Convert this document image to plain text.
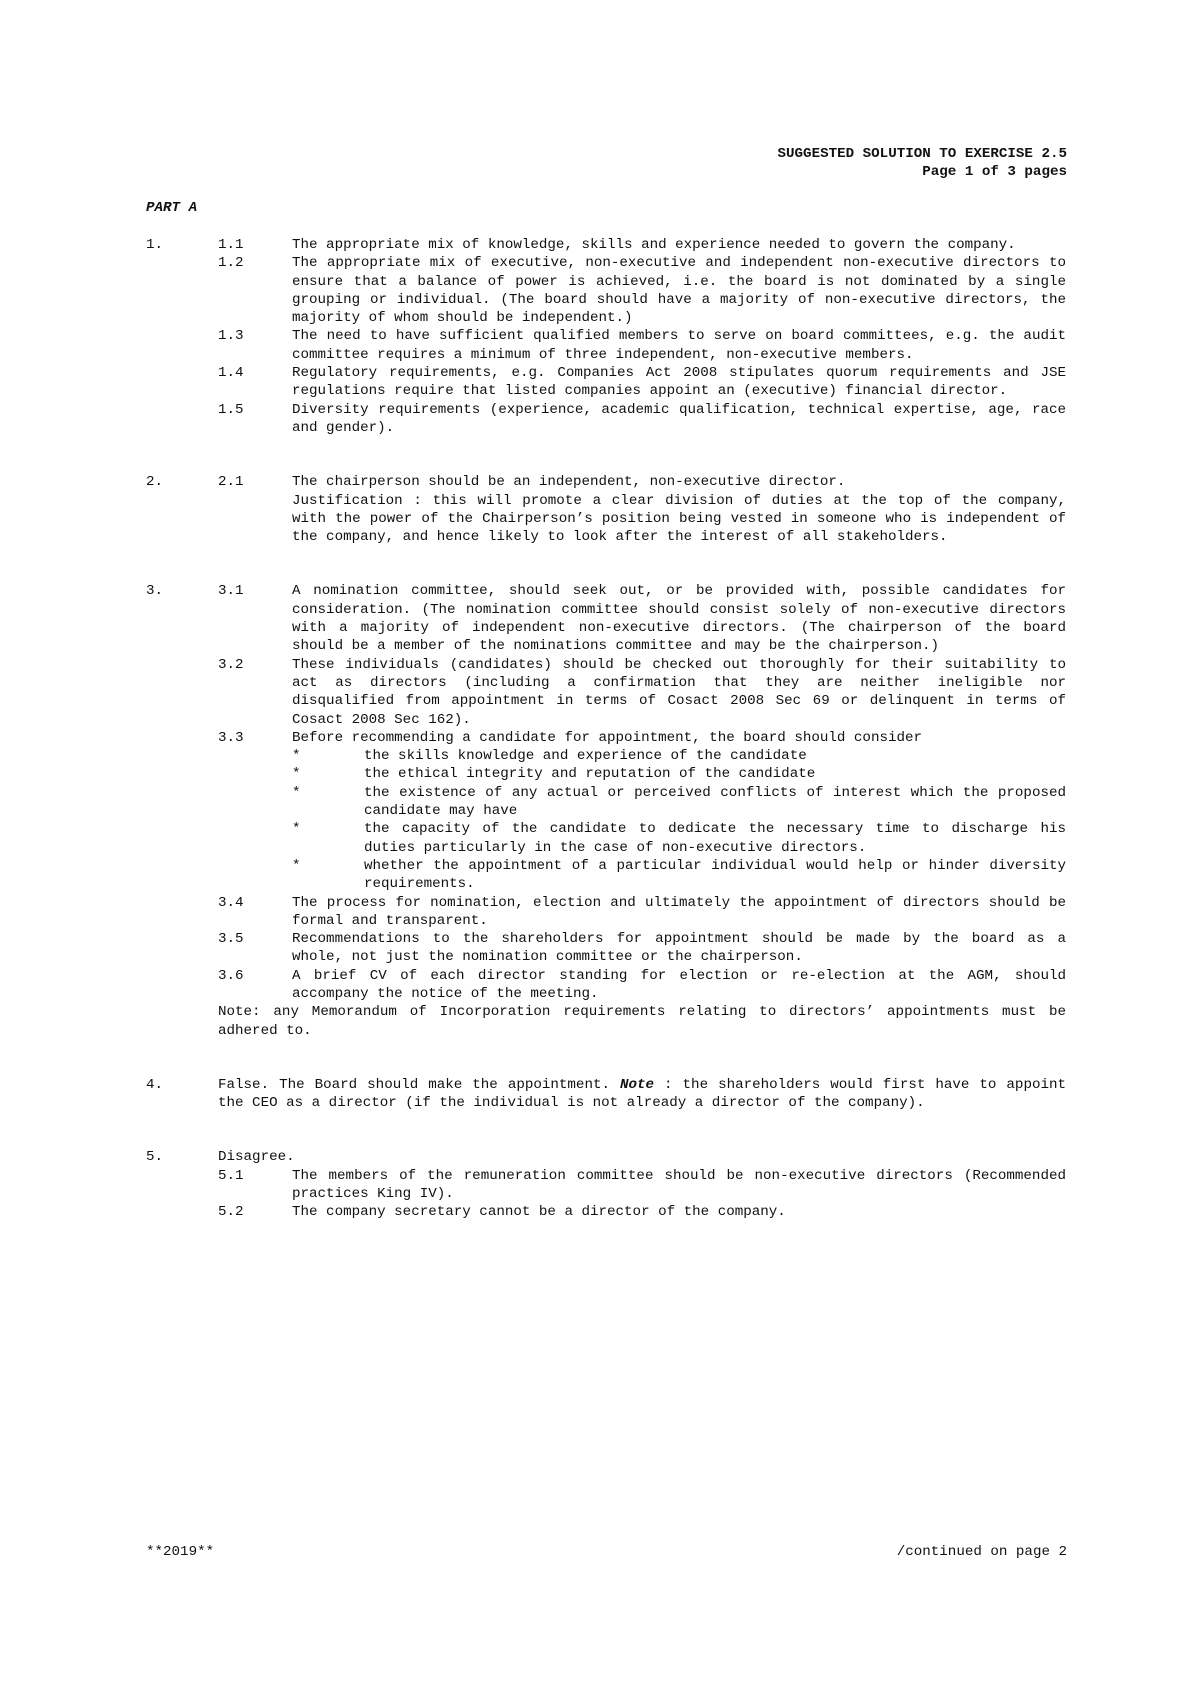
SUGGESTED SOLUTION TO EXERCISE 2.5
Page 1 of 3 pages
PART A
1.	1.1	The appropriate mix of knowledge, skills and experience needed to govern the company.
1.2	The appropriate mix of executive, non-executive and independent non-executive directors to ensure that a balance of power is achieved, i.e. the board is not dominated by a single grouping or individual. (The board should have a majority of non-executive directors, the majority of whom should be independent.)
1.3	The need to have sufficient qualified members to serve on board committees, e.g. the audit committee requires a minimum of three independent, non-executive members.
1.4	Regulatory requirements, e.g. Companies Act 2008 stipulates quorum requirements and JSE regulations require that listed companies appoint an (executive) financial director.
1.5	Diversity requirements (experience, academic qualification, technical expertise, age, race and gender).
2.	2.1	The chairperson should be an independent, non-executive director.
Justification : this will promote a clear division of duties at the top of the company, with the power of the Chairperson’s position being vested in someone who is independent of the company, and hence likely to look after the interest of all stakeholders.
3.	3.1	A nomination committee, should seek out, or be provided with, possible candidates for consideration. (The nomination committee should consist solely of non-executive directors with a majority of independent non-executive directors. (The chairperson of the board should be a member of the nominations committee and may be the chairperson.)
3.2	These individuals (candidates) should be checked out thoroughly for their suitability to act as directors (including a confirmation that they are neither ineligible nor disqualified from appointment in terms of Cosact 2008 Sec 69 or delinquent in terms of Cosact 2008 Sec 162).
3.3	Before recommending a candidate for appointment, the board should consider
*	the skills knowledge and experience of the candidate
*	the ethical integrity and reputation of the candidate
*	the existence of any actual or perceived conflicts of interest which the proposed candidate may have
*	the capacity of the candidate to dedicate the necessary time to discharge his duties particularly in the case of non-executive directors.
*	whether the appointment of a particular individual would help or hinder diversity requirements.
3.4	The process for nomination, election and ultimately the appointment of directors should be formal and transparent.
3.5	Recommendations to the shareholders for appointment should be made by the board as a whole, not just the nomination committee or the chairperson.
3.6	A brief CV of each director standing for election or re-election at the AGM, should accompany the notice of the meeting.
Note: any Memorandum of Incorporation requirements relating to directors’ appointments must be adhered to.
4.	False. The Board should make the appointment. Note : the shareholders would first have to appoint the CEO as a director (if the individual is not already a director of the company).
5.	Disagree.
5.1	The members of the remuneration committee should be non-executive directors (Recommended practices King IV).
5.2	The company secretary cannot be a director of the company.
**2019**	/continued on page 2
